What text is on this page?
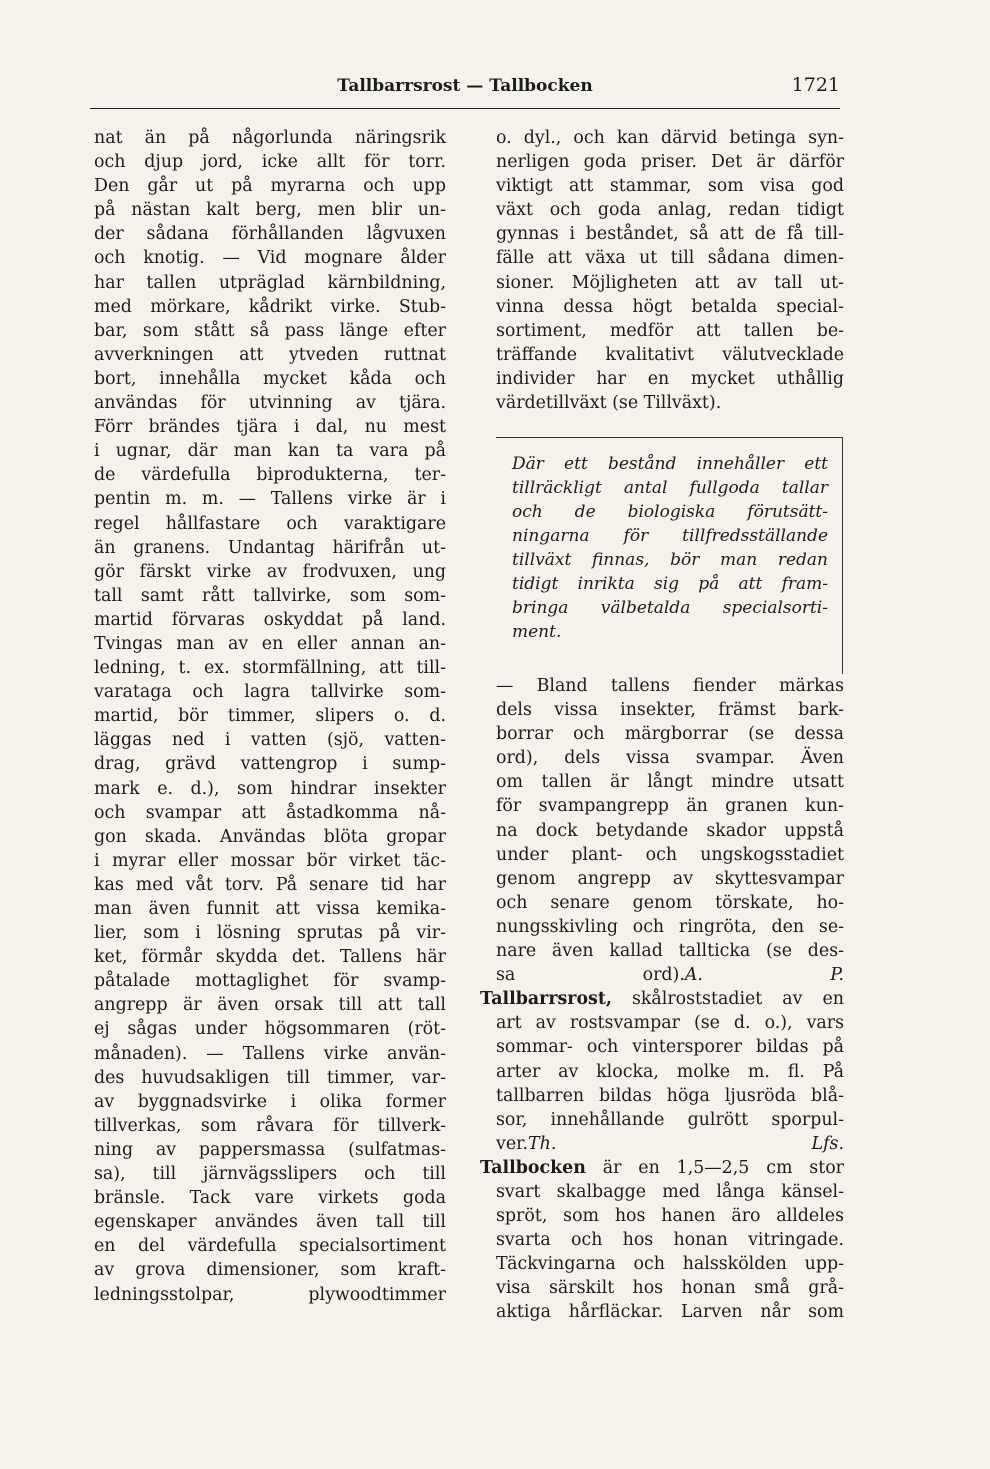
Tallbarrsrost — Tallbocken	1721
nat än på någorlunda näringsrik
och djup jord, icke allt för torr.
Den går ut på myrarna och upp
på nästan kalt berg, men blir un-
der sådana förhållanden lågvuxen
och knotig. — Vid mognare ålder
har tallen utpräglad kärnbildning,
med mörkare, kådrikt virke. Stub-
bar, som stått så pass länge efter
avverkningen att ytveden ruttnat
bort, innehålla mycket kåda och
användas för utvinning av tjära.
Förr brändes tjära i dal, nu mest
i ugnar, där man kan ta vara på
de värdefulla biprodukterna, ter-
pentin m. m. — Tallens virke är i
regel hållfastare och varaktigare
än granens. Undantag härifrån ut-
gör färskt virke av frodvuxen, ung
tall samt rått tallvirke, som som-
martid förvaras oskyddat på land.
Tvingas man av en eller annan an-
ledning, t. ex. stormfällning, att till-
varataga och lagra tallvirke som-
martid, bör timmer, slipers o. d.
läggas ned i vatten (sjö, vatten-
drag, grävd vattengrop i sump-
mark e. d.), som hindrar insekter
och svampar att åstadkomma nå-
gon skada. Användas blöta gropar
i myrar eller mossar bör virket täc-
kas med våt torv. På senare tid har
man även funnit att vissa kemika-
lier, som i lösning sprutas på vir-
ket, förmår skydda det. Tallens här
påtalade mottaglighet för svamp-
angrepp är även orsak till att tall
ej sågas under högsommaren (röt-
månaden). — Tallens virke använ-
des huvudsakligen till timmer, var-
av byggnadsvirke i olika former
tillverkas, som råvara för tillverk-
ning av pappersmassa (sulfatmas-
sa), till järnvägsslipers och till
bränsle. Tack vare virkets goda
egenskaper användes även tall till
en del värdefulla specialsortiment
av grova dimensioner, som kraft-
ledningsstolpar, plywoodtimmer
o. dyl., och kan därvid betinga syn-
nerligen goda priser. Det är därför
viktigt att stammar, som visa god
växt och goda anlag, redan tidigt
gynnas i beståndet, så att de få till-
fälle att växa ut till sådana dimen-
sioner. Möjligheten att av tall ut-
vinna dessa högt betalda special-
sortiment, medför att tallen be-
träffande kvalitativt välutvecklade
individer har en mycket uthållig
värdetillväxt (se Tillväxt).
Där ett bestånd innehåller ett
tillräckligt antal fullgoda tallar
och de biologiska förutsätt-
ningarna för tillfredsställande
tillväxt finnas, bör man redan
tidigt inrikta sig på att fram-
bringa välbetalda specialsorti-
ment.
— Bland tallens fiender märkas
dels vissa insekter, främst bark-
borrar och märgborrar (se dessa
ord), dels vissa svampar. Även
om tallen är långt mindre utsatt
för svampangrepp än granen kun-
na dock betydande skador uppstå
under plant- och ungskogsstadiet
genom angrepp av skyttesvampar
och senare genom törskate, ho-
nungsskivling och ringröta, den se-
nare även kallad tallticka (se des-
sa ord).A. P.
Tallbarrsrost, skålroststadiet av en
art av rostsvampar (se d. o.), vars
sommar- och vintersporer bildas på
arter av klocka, molke m. fl. På
tallbarren bildas höga ljusröda blå-
sor, innehållande gulrött sporpul-
ver.Th. Lfs.
Tallbocken är en 1,5—2,5 cm stor
svart skalbagge med långa känsel-
spröt, som hos hanen äro alldeles
svarta och hos honan vitringade.
Täckvingarna och halsskölden upp-
visa särskilt hos honan små grå-
aktiga hårfläckar. Larven når som
